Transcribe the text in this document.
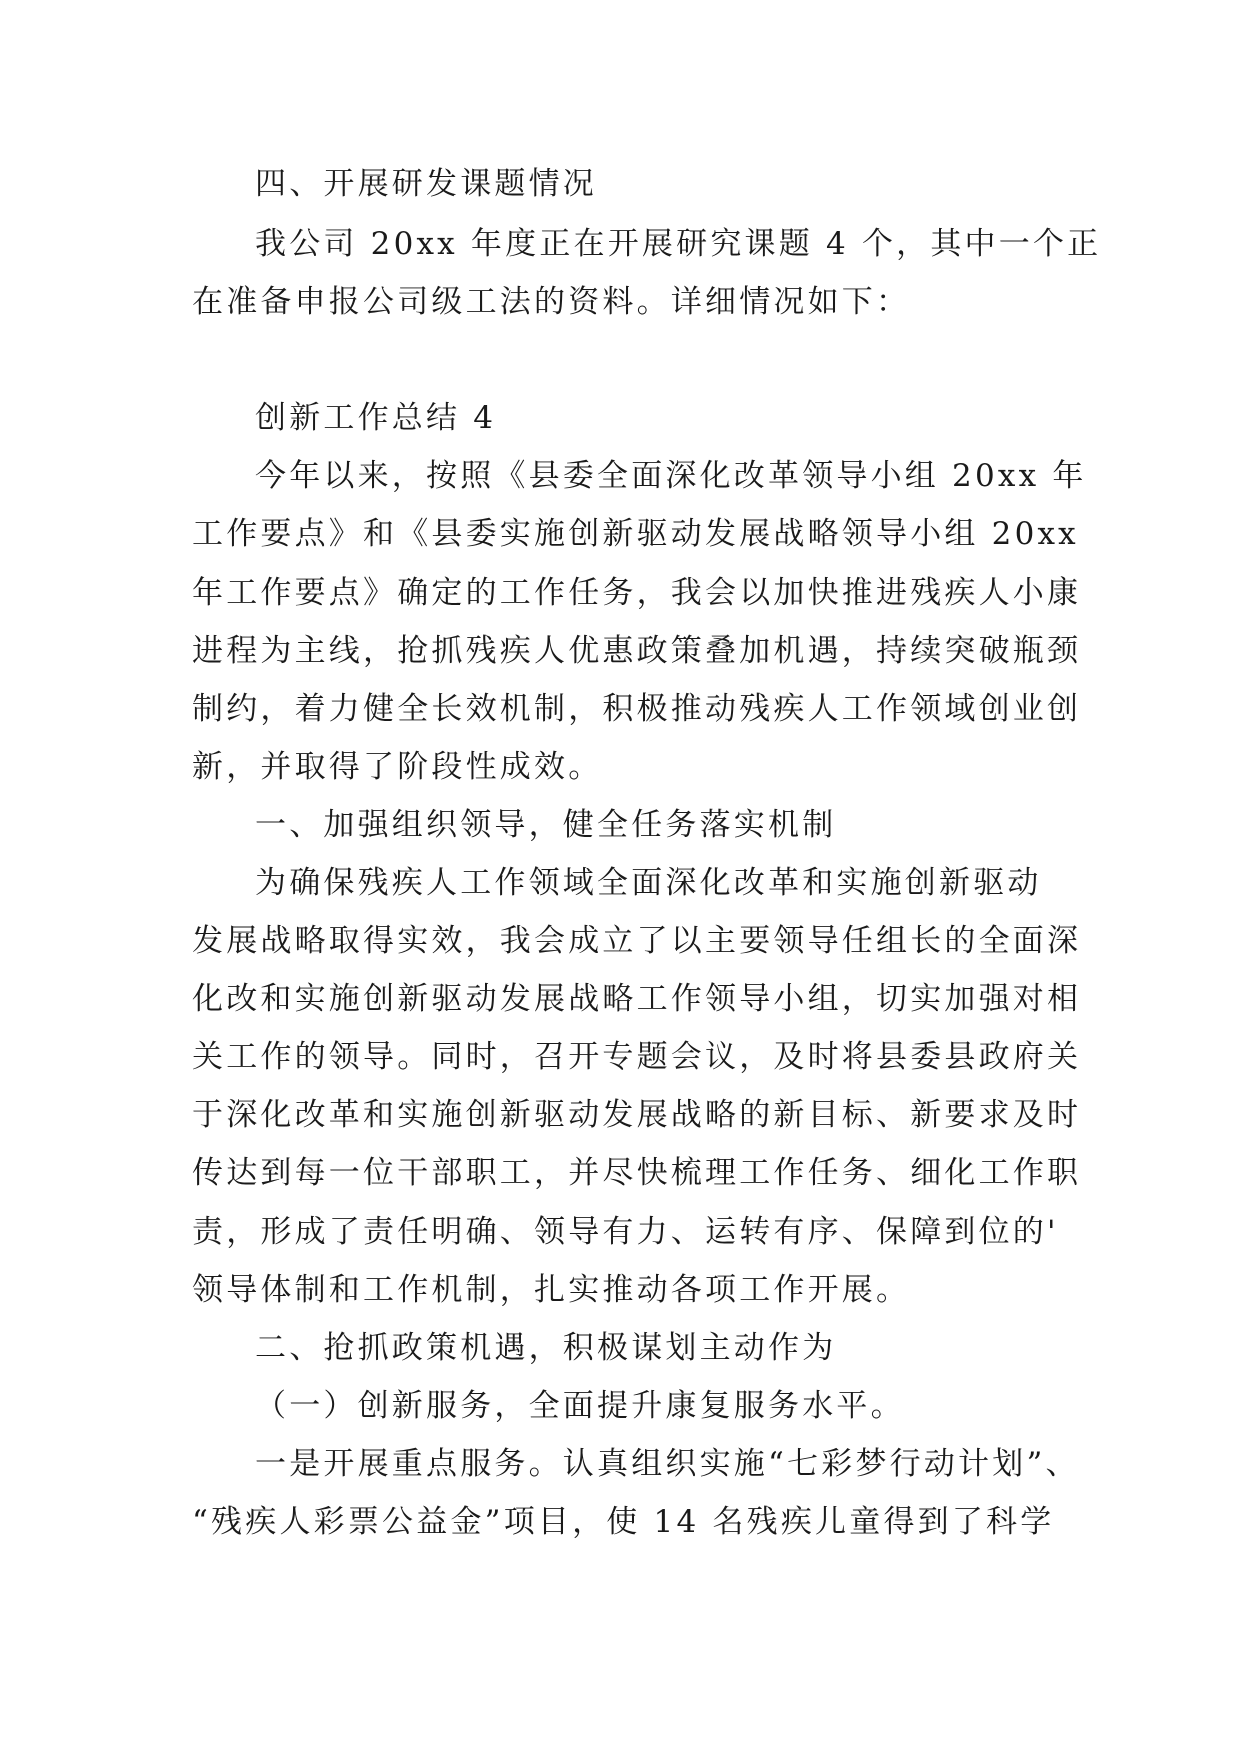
四、开展研发课题情况
我公司 20xx 年度正在开展研究课题 4 个，其中一个正
在准备申报公司级工法的资料。详细情况如下：
创新工作总结 4
今年以来，按照《县委全面深化改革领导小组 20xx 年
工作要点》和《县委实施创新驱动发展战略领导小组 20xx
年工作要点》确定的工作任务，我会以加快推进残疾人小康
进程为主线，抢抓残疾人优惠政策叠加机遇，持续突破瓶颈
制约，着力健全长效机制，积极推动残疾人工作领域创业创
新，并取得了阶段性成效。
一、加强组织领导，健全任务落实机制
为确保残疾人工作领域全面深化改革和实施创新驱动
发展战略取得实效，我会成立了以主要领导任组长的全面深
化改和实施创新驱动发展战略工作领导小组，切实加强对相
关工作的领导。同时，召开专题会议，及时将县委县政府关
于深化改革和实施创新驱动发展战略的新目标、新要求及时
传达到每一位干部职工，并尽快梳理工作任务、细化工作职
责，形成了责任明确、领导有力、运转有序、保障到位的'
领导体制和工作机制，扎实推动各项工作开展。
二、抢抓政策机遇，积极谋划主动作为
（一）创新服务，全面提升康复服务水平。
一是开展重点服务。认真组织实施“七彩梦行动计划”、
“残疾人彩票公益金”项目，使 14 名残疾儿童得到了科学
